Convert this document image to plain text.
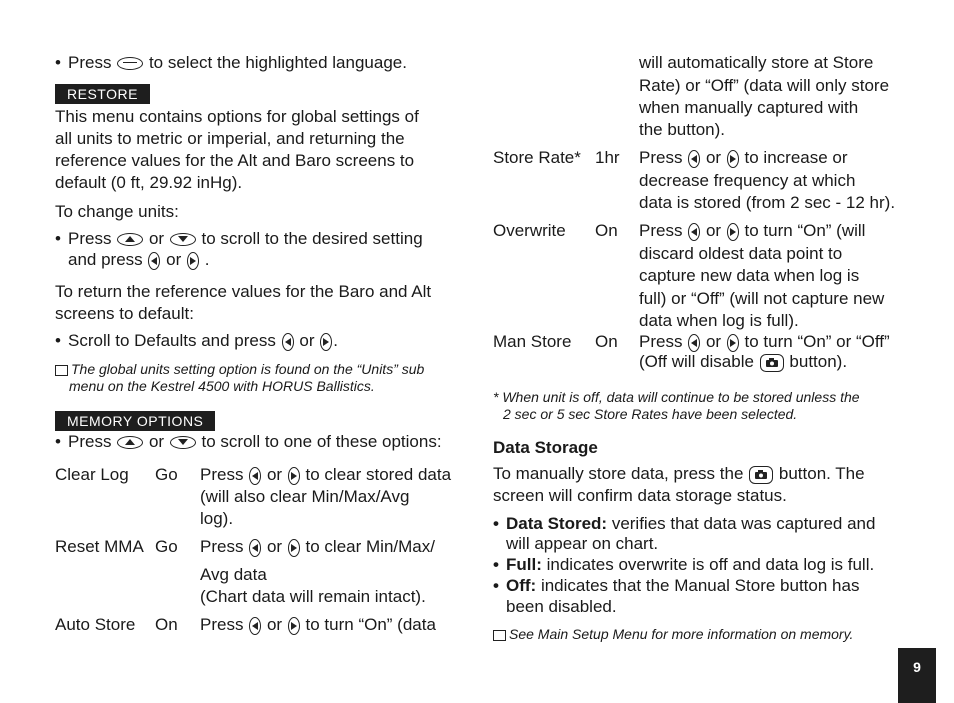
• Press to select the highlighted language.
RESTORE
This menu contains options for global settings of
all units to metric or imperial, and returning the
reference values for the Alt and Baro screens to
default (0 ft, 29.92 inHg).
To change units:
• Press or to scroll to the desired setting
and press or .
To return the reference values for the Baro and Alt
screens to default:
• Scroll to Defaults and press or .
The global units setting option is found on the “Units” sub
menu on the Kestrel 4500 with HORUS Ballistics.
MEMORY OPTIONS
• Press or to scroll to one of these options:
Clear Log Go Press or to clear stored data
(will also clear Min/Max/Avg
log).
Reset MMA Go Press or to clear Min/Max/
Avg data
(Chart data will remain intact).
Auto Store On Press or to turn “On” (data
will automatically store at Store
Rate) or “Off” (data will only store
when manually captured with
the button).
Store Rate* 1hr Press or to increase or
decrease frequency at which
data is stored (from 2 sec - 12 hr).
Overwrite On Press or to turn “On” (will
discard oldest data point to
capture new data when log is
full) or “Off” (will not capture new
data when log is full).
Man Store On Press or to turn “On” or “Off”
(Off will disable button).
* When unit is off, data will continue to be stored unless the
2 sec or 5 sec Store Rates have been selected.
Data Storage
To manually store data, press the button. The
screen will confirm data storage status.
• Data Stored: verifies that data was captured and
will appear on chart.
• Full: indicates overwrite is off and data log is full.
• Off: indicates that the Manual Store button has
been disabled.
See Main Setup Menu for more information on memory.
9
